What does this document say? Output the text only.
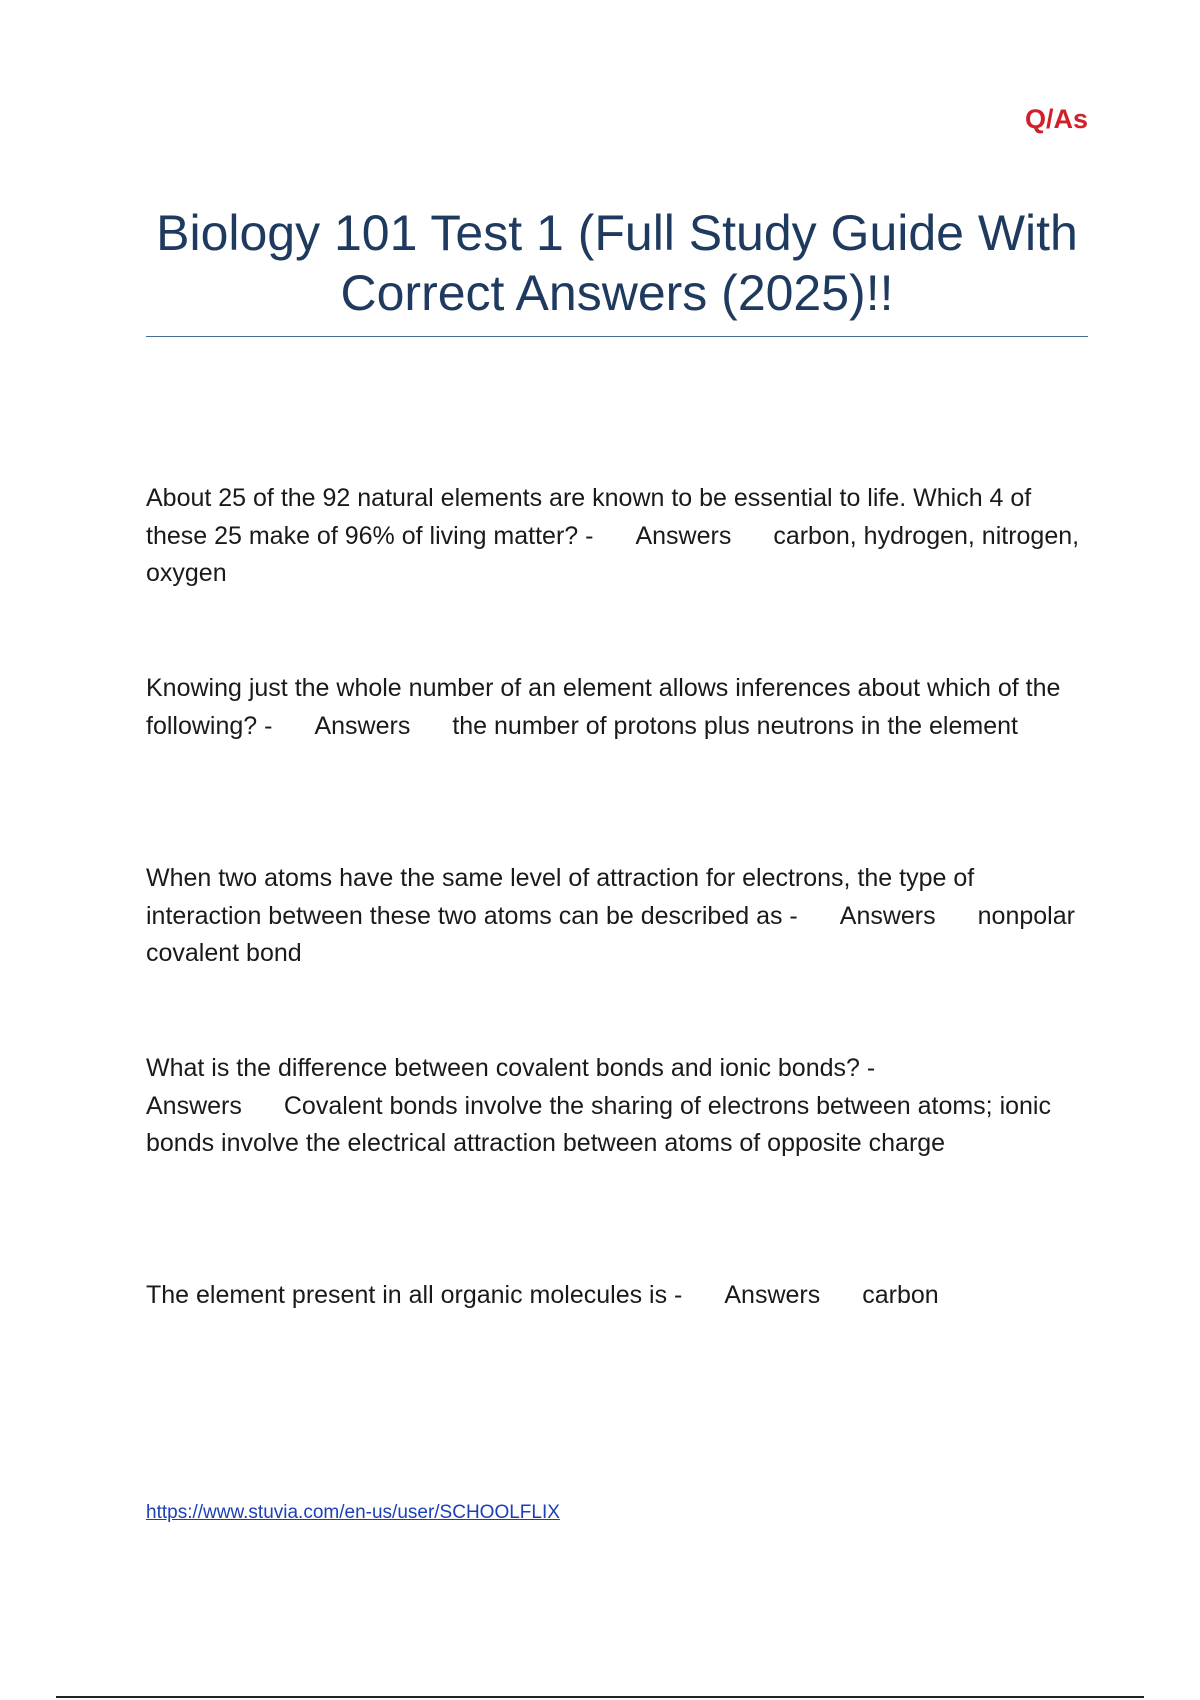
Q/As
Biology 101 Test 1 (Full Study Guide With Correct Answers (2025)!!

About 25 of the 92 natural elements are known to be essential to life. Which 4 of these 25 make of 96% of living matter? - Answers carbon, hydrogen, nitrogen, oxygen

Knowing just the whole number of an element allows inferences about which of the following? - Answers the number of protons plus neutrons in the element

When two atoms have the same level of attraction for electrons, the type of interaction between these two atoms can be described as - Answers nonpolar covalent bond

What is the difference between covalent bonds and ionic bonds? - Answers Covalent bonds involve the sharing of electrons between atoms; ionic bonds involve the electrical attraction between atoms of opposite charge

The element present in all organic molecules is - Answers carbon

https://www.stuvia.com/en-us/user/SCHOOLFLIX
